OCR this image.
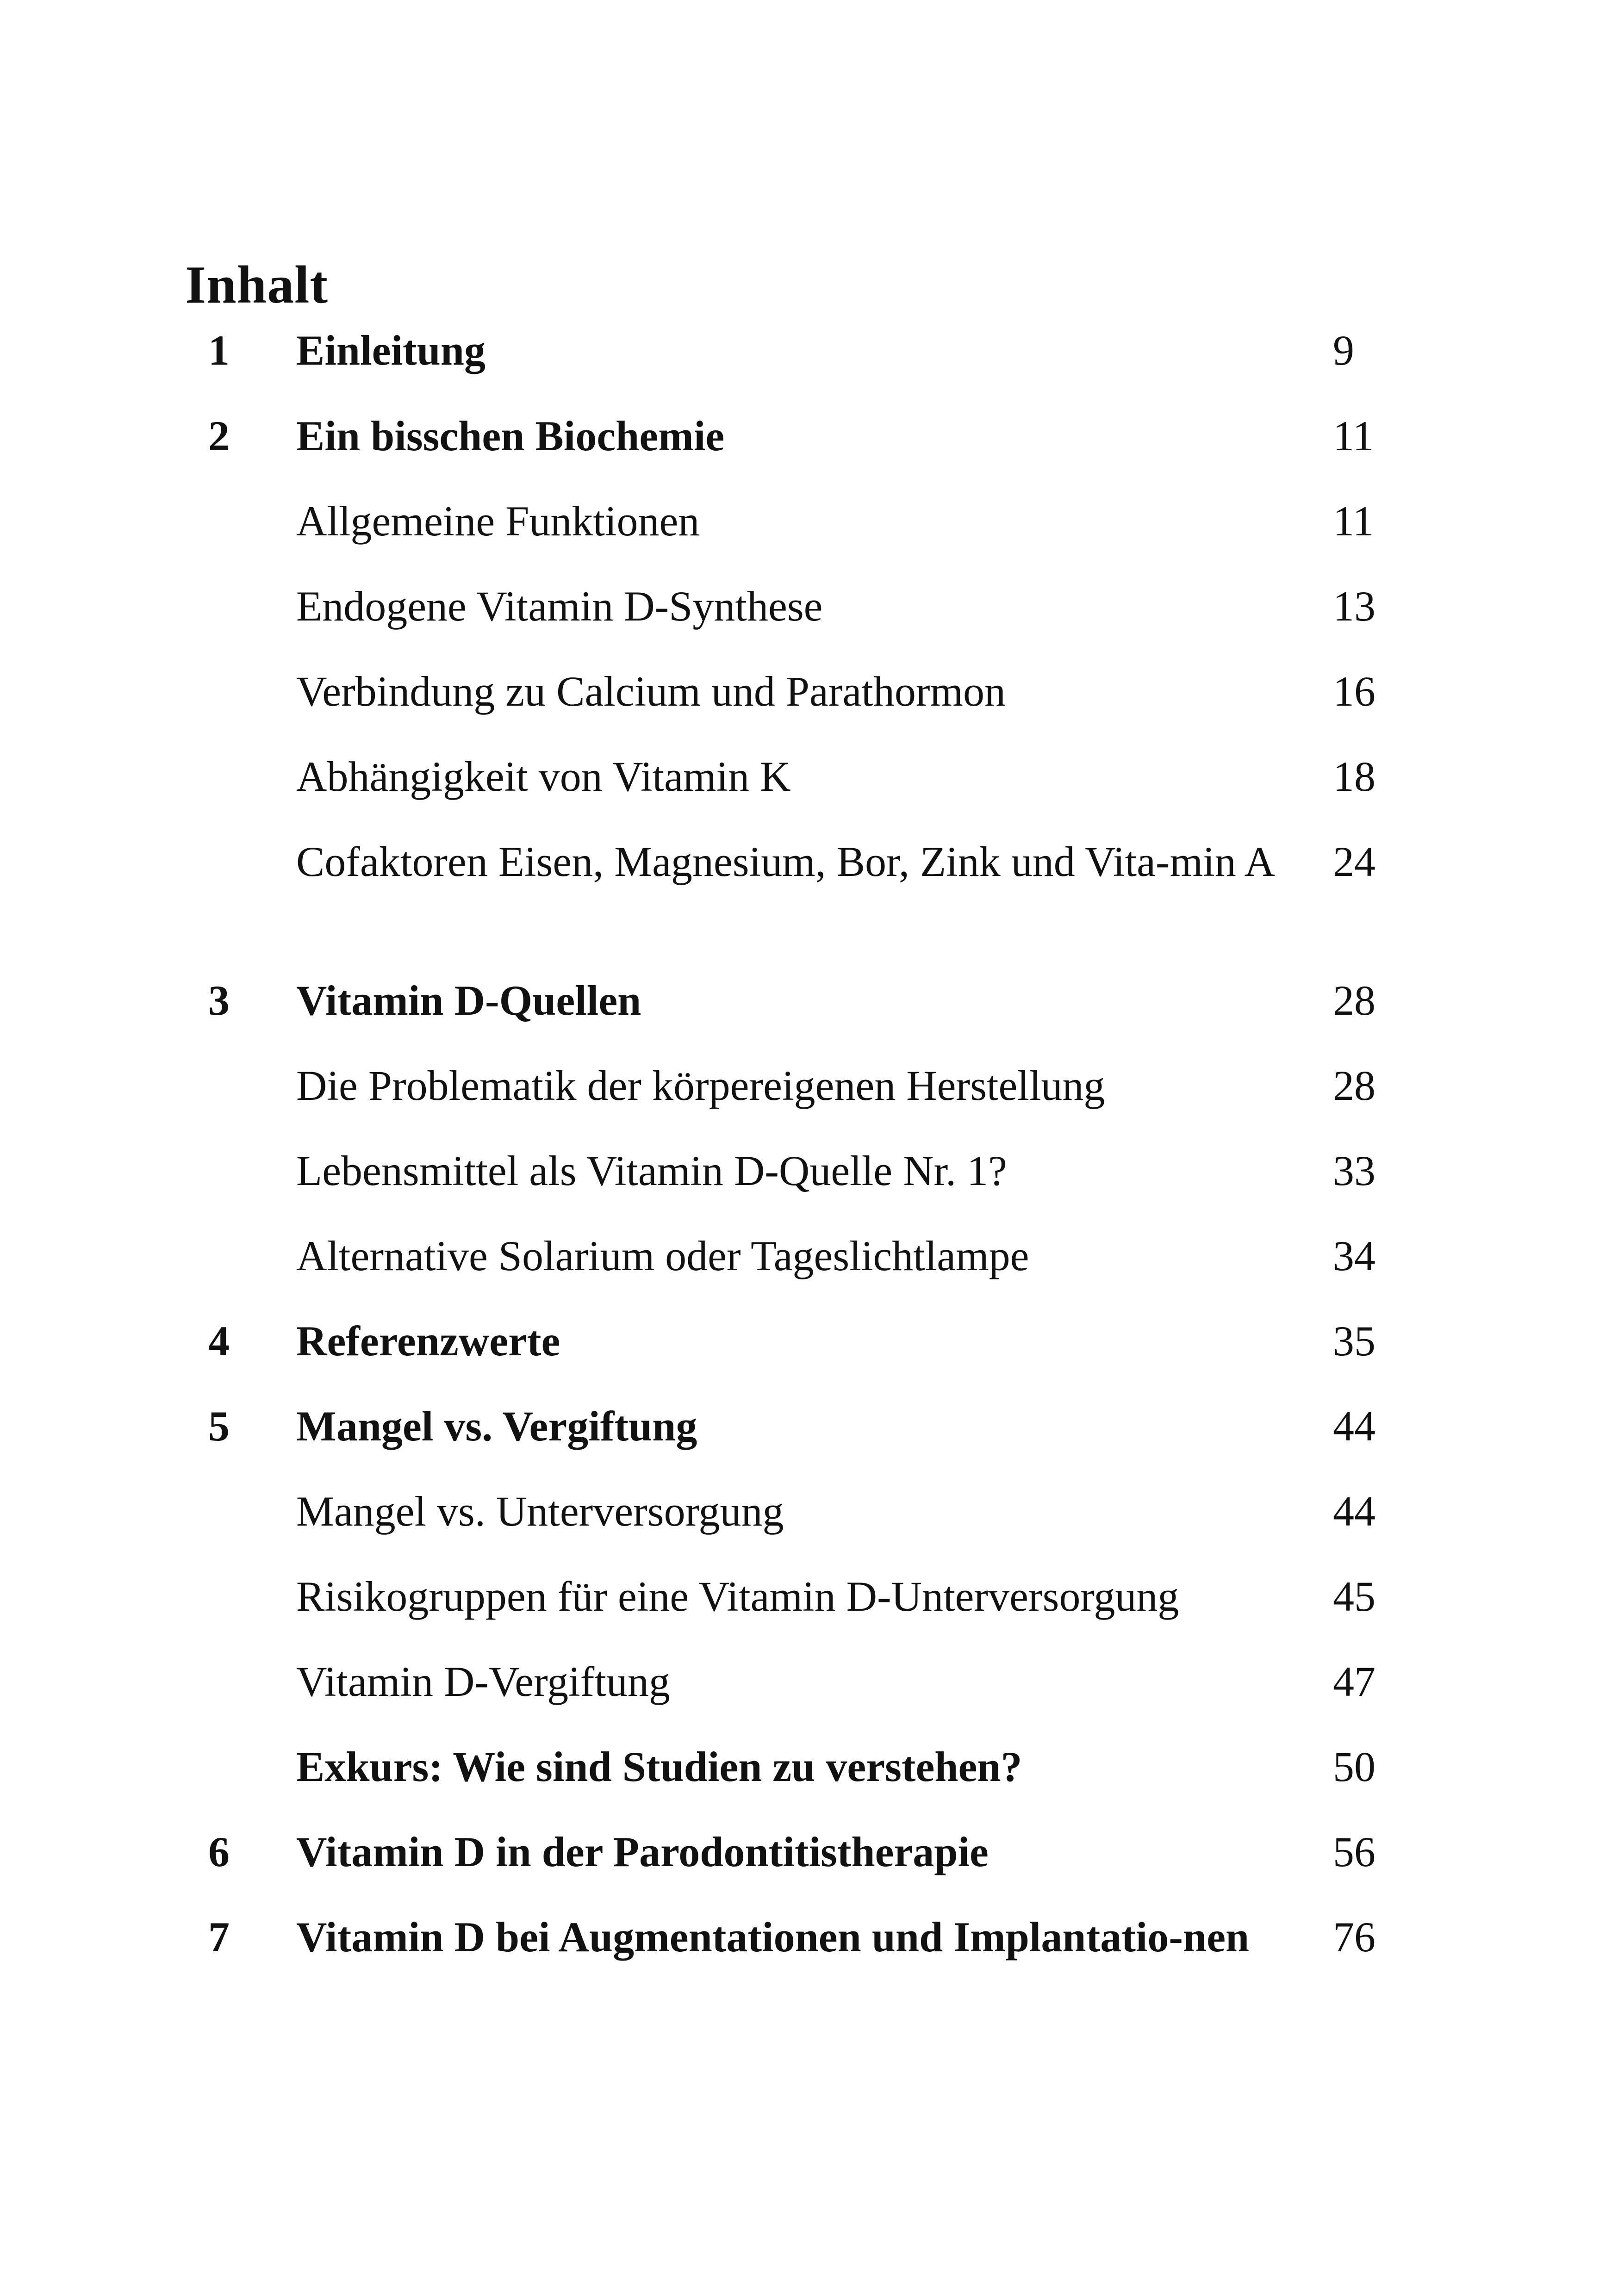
Inhalt
1 Einleitung	9
2 Ein bisschen Biochemie	11
Allgemeine Funktionen	11
Endogene Vitamin D-Synthese	13
Verbindung zu Calcium und Parathormon	16
Abhängigkeit von Vitamin K	18
Cofaktoren Eisen, Magnesium, Bor, Zink und Vita-min A	24
3 Vitamin D-Quellen	28
Die Problematik der körpereigenen Herstellung	28
Lebensmittel als Vitamin D-Quelle Nr. 1?	33
Alternative Solarium oder Tageslichtlampe	34
4 Referenzwerte	35
5 Mangel vs. Vergiftung	44
Mangel vs. Unterversorgung	44
Risikogruppen für eine Vitamin D-Unterversorgung	45
Vitamin D-Vergiftung	47
Exkurs: Wie sind Studien zu verstehen?	50
6 Vitamin D in der Parodontitistherapie	56
7 Vitamin D bei Augmentationen und Implantatio-nen	76
